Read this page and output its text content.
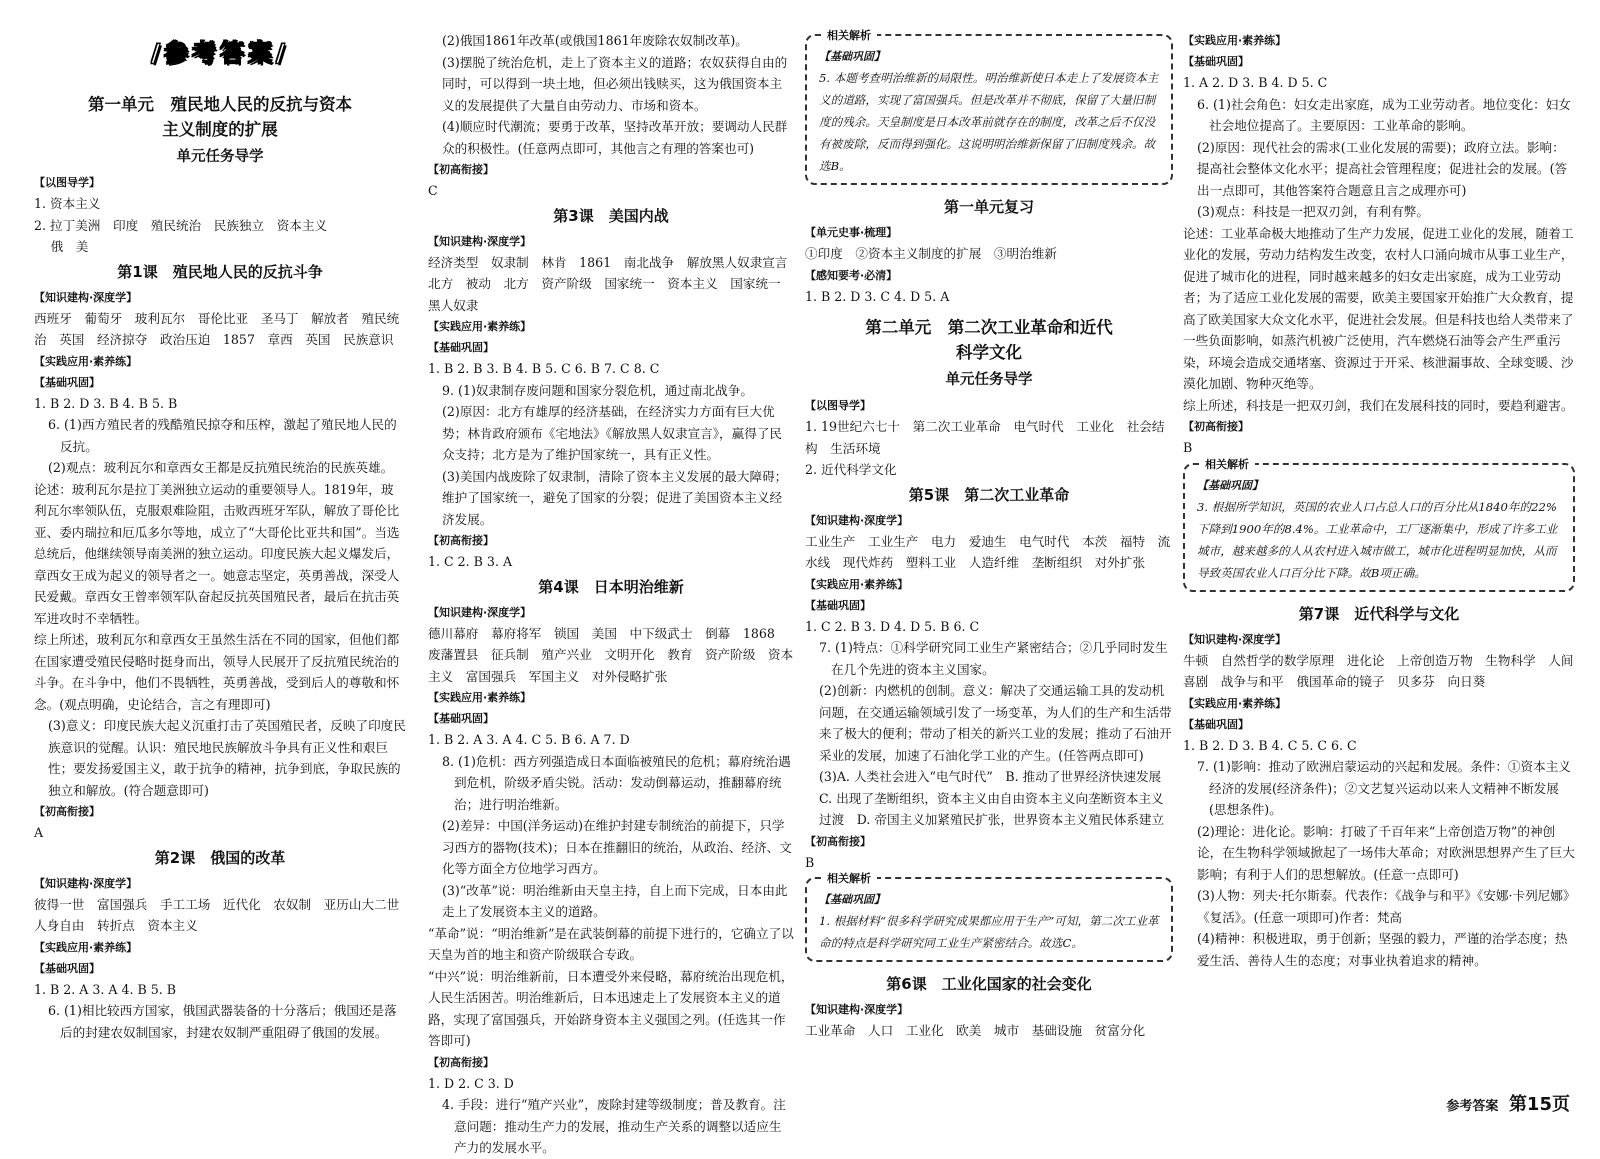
/参考答案/
第一单元　殖民地人民的反抗与资本
主义制度的扩展
单元任务导学
【以图导学】
1. 资本主义
2. 拉丁美洲　印度　殖民统治　民族独立　资本主义
　 俄　美
第1课　殖民地人民的反抗斗争
【知识建构·深度学】
西班牙　葡萄牙　玻利瓦尔　哥伦比亚　圣马丁　解放者　殖民统治　英国　经济掠夺　政治压迫　1857　章西　英国　民族意识
【实践应用·素养练】
【基础巩固】
1. B 2. D 3. B 4. B 5. B
6. (1)西方殖民者的残酷殖民掠夺和压榨，激起了殖民地人民的反抗。
(2)观点：玻利瓦尔和章西女王都是反抗殖民统治的民族英雄。
论述：玻利瓦尔是拉丁美洲独立运动的重要领导人。1819年，玻利瓦尔率领队伍，克服艰难险阻，击败西班牙军队，解放了哥伦比亚、委内瑞拉和厄瓜多尔等地，成立了“大哥伦比亚共和国”。当选总统后，他继续领导南美洲的独立运动。印度民族大起义爆发后，章西女王成为起义的领导者之一。她意志坚定，英勇善战，深受人民爱戴。章西女王曾率领军队奋起反抗英国殖民者，最后在抗击英军进攻时不幸牺牲。
综上所述，玻利瓦尔和章西女王虽然生活在不同的国家，但他们都在国家遭受殖民侵略时挺身而出，领导人民展开了反抗殖民统治的斗争。在斗争中，他们不畏牺牲，英勇善战，受到后人的尊敬和怀念。(观点明确，史论结合，言之有理即可)
(3)意义：印度民族大起义沉重打击了英国殖民者，反映了印度民族意识的觉醒。认识：殖民地民族解放斗争具有正义性和艰巨性；要发扬爱国主义，敢于抗争的精神，抗争到底，争取民族的独立和解放。(符合题意即可)
【初高衔接】
A
第2课　俄国的改革
【知识建构·深度学】
彼得一世　富国强兵　手工工场　近代化　农奴制　亚历山大二世　人身自由　转折点　资本主义
【实践应用·素养练】
【基础巩固】
1. B 2. A 3. A 4. B 5. B
6. (1)相比较西方国家，俄国武器装备的十分落后；俄国还是落后的封建农奴制国家，封建农奴制严重阻碍了俄国的发展。
(2)俄国1861年改革(或俄国1861年废除农奴制改革)。
(3)摆脱了统治危机，走上了资本主义的道路；农奴获得自由的同时，可以得到一块土地，但必须出钱赎买，这为俄国资本主义的发展提供了大量自由劳动力、市场和资本。
(4)顺应时代潮流；要勇于改革，坚持改革开放；要调动人民群众的积极性。(任意两点即可，其他言之有理的答案也可)
【初高衔接】
C
第3课　美国内战
【知识建构·深度学】
经济类型　奴隶制　林肯　1861　南北战争　解放黑人奴隶宣言　北方　被动　北方　资产阶级　国家统一　资本主义　国家统一　黑人奴隶
【实践应用·素养练】
【基础巩固】
1. B 2. B 3. B 4. B 5. C 6. B 7. C 8. C
9. (1)奴隶制存废问题和国家分裂危机，通过南北战争。
(2)原因：北方有雄厚的经济基础，在经济实力方面有巨大优势；林肯政府颁布《宅地法》《解放黑人奴隶宣言》，赢得了民众支持；北方是为了维护国家统一，具有正义性。
(3)美国内战废除了奴隶制，清除了资本主义发展的最大障碍；维护了国家统一，避免了国家的分裂；促进了美国资本主义经济发展。
【初高衔接】
1. C 2. B 3. A
第4课　日本明治维新
【知识建构·深度学】
德川幕府　幕府将军　锁国　美国　中下级武士　倒幕　1868　废藩置县　征兵制　殖产兴业　文明开化　教育　资产阶级　资本主义　富国强兵　军国主义　对外侵略扩张
【实践应用·素养练】
【基础巩固】
1. B 2. A 3. A 4. C 5. B 6. A 7. D
8. (1)危机：西方列强造成日本面临被殖民的危机；幕府统治遇到危机，阶级矛盾尖锐。活动：发动倒幕运动，推翻幕府统治；进行明治维新。
(2)差异：中国(洋务运动)在维护封建专制统治的前提下，只学习西方的器物(技术)；日本在推翻旧的统治，从政治、经济、文化等方面全方位地学习西方。
(3)“改革”说：明治维新由天皇主持，自上而下完成，日本由此走上了发展资本主义的道路。
“革命”说：“明治维新”是在武装倒幕的前提下进行的，它确立了以天皇为首的地主和资产阶级联合专政。
“中兴”说：明治维新前，日本遭受外来侵略，幕府统治出现危机，人民生活困苦。明治维新后，日本迅速走上了发展资本主义的道路，实现了富国强兵，开始跻身资本主义强国之列。(任选其一作答即可)
【初高衔接】
1. D 2. C 3. D
4. 手段：进行“殖产兴业”，废除封建等级制度；普及教育。注意问题：推动生产力的发展，推动生产关系的调整以适应生产力的发展水平。
相关解析
【基础巩固】
5. 本题考查明治维新的局限性。明治维新使日本走上了发展资本主义的道路，实现了富国强兵。但是改革并不彻底，保留了大量旧制度的残余。天皇制度是日本改革前就存在的制度，改革之后不仅没有被废除，反而得到强化。这说明明治维新保留了旧制度残余。故选B。
第一单元复习
【单元史事·梳理】
①印度　②资本主义制度的扩展　③明治维新
【感知要考·必清】
1. B 2. D 3. C 4. D 5. A
第二单元　第二次工业革命和近代
科学文化
单元任务导学
【以图导学】
1. 19世纪六七十　第二次工业革命　电气时代　工业化　社会结构　生活环境
2. 近代科学文化
第5课　第二次工业革命
【知识建构·深度学】
工业生产　工业生产　电力　爱迪生　电气时代　本茨　福特　流水线　现代炸药　塑料工业　人造纤维　垄断组织　对外扩张
【实践应用·素养练】
【基础巩固】
1. C 2. B 3. D 4. D 5. B 6. C
7. (1)特点：①科学研究同工业生产紧密结合；②几乎同时发生在几个先进的资本主义国家。
(2)创新：内燃机的创制。意义：解决了交通运输工具的发动机问题，在交通运输领域引发了一场变革，为人们的生产和生活带来了极大的便利；带动了相关的新兴工业的发展；推动了石油开采业的发展，加速了石油化学工业的产生。(任答两点即可)
(3)A. 人类社会进入“电气时代”　B. 推动了世界经济快速发展　C. 出现了垄断组织，资本主义由自由资本主义向垄断资本主义过渡　D. 帝国主义加紧殖民扩张，世界资本主义殖民体系建立
【初高衔接】
B
相关解析
【基础巩固】
1. 根据材料“很多科学研究成果都应用于生产”可知，第二次工业革命的特点是科学研究同工业生产紧密结合。故选C。
第6课　工业化国家的社会变化
【知识建构·深度学】
工业革命　人口　工业化　欧美　城市　基础设施　贫富分化
【实践应用·素养练】
【基础巩固】
1. A 2. D 3. B 4. D 5. C
6. (1)社会角色：妇女走出家庭，成为工业劳动者。地位变化：妇女社会地位提高了。主要原因：工业革命的影响。
(2)原因：现代社会的需求(工业化发展的需要)；政府立法。影响：提高社会整体文化水平；提高社会管理程度；促进社会的发展。(答出一点即可，其他答案符合题意且言之成理亦可)
(3)观点：科技是一把双刃剑，有利有弊。
论述：工业革命极大地推动了生产力发展，促进工业化的发展，随着工业化的发展，劳动力结构发生改变，农村人口涌向城市从事工业生产，促进了城市化的进程，同时越来越多的妇女走出家庭，成为工业劳动者；为了适应工业化发展的需要，欧美主要国家开始推广大众教育，提高了欧美国家大众文化水平，促进社会发展。但是科技也给人类带来了一些负面影响，如蒸汽机被广泛使用，汽车燃烧石油等会产生严重污染，环境会造成交通堵塞、资源过于开采、核泄漏事故、全球变暖、沙漠化加剧、物种灭绝等。
综上所述，科技是一把双刃剑，我们在发展科技的同时，要趋利避害。
【初高衔接】
B
相关解析
【基础巩固】
3. 根据所学知识，英国的农业人口占总人口的百分比从1840年的22%下降到1900年的8.4%。工业革命中，工厂逐渐集中，形成了许多工业城市，越来越多的人从农村进入城市做工，城市化进程明显加快，从而导致英国农业人口百分比下降。故B项正确。
第7课　近代科学与文化
【知识建构·深度学】
牛顿　自然哲学的数学原理　进化论　上帝创造万物　生物科学　人间喜剧　战争与和平　俄国革命的镜子　贝多芬　向日葵
【实践应用·素养练】
【基础巩固】
1. B 2. D 3. B 4. C 5. C 6. C
7. (1)影响：推动了欧洲启蒙运动的兴起和发展。条件：①资本主义经济的发展(经济条件)；②文艺复兴运动以来人文精神不断发展(思想条件)。
(2)理论：进化论。影响：打破了千百年来“上帝创造万物”的神创论，在生物科学领域掀起了一场伟大革命；对欧洲思想界产生了巨大影响；有利于人们的思想解放。(任意一点即可)
(3)人物：列夫·托尔斯泰。代表作：《战争与和平》《安娜·卡列尼娜》《复活》。(任意一项即可)作者：梵高
(4)精神：积极进取，勇于创新；坚强的毅力，严谨的治学态度；热爱生活、善待人生的态度；对事业执着追求的精神。
参考答案 第15页
